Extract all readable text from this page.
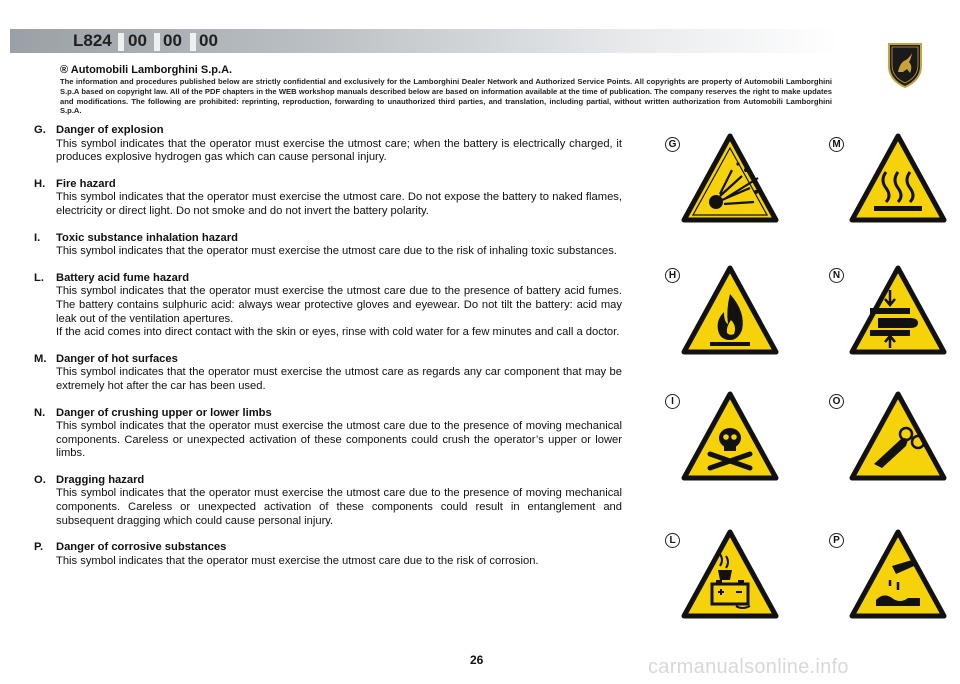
L824 00 00 00
® Automobili Lamborghini S.p.A.
The information and procedures published below are strictly confidential and exclusively for the Lamborghini Dealer Network and Authorized Service Points. All copyrights are property of Automobili Lamborghini S.p.A based on copyright law. All of the PDF chapters in the WEB workshop manuals described below are based on information available at the time of publication. The company reserves the right to make updates and modifications. The following are prohibited: reprinting, reproduction, forwarding to unauthorized third parties, and translation, including partial, without written authorization from Automobili Lamborghini S.p.A.
G. Danger of explosion

This symbol indicates that the operator must exercise the utmost care; when the battery is electrically charged, it produces explosive hydrogen gas which can cause personal injury.

H. Fire hazard

This symbol indicates that the operator must exercise the utmost care. Do not expose the battery to naked flames, electricity or direct light. Do not smoke and do not invert the battery polarity.

I.	Toxic substance inhalation hazard

This symbol indicates that the operator must exercise the utmost care due to the risk of inhaling toxic substances.

L.	Battery acid fume hazard

This symbol indicates that the operator must exercise the utmost care due to the presence of battery acid fumes. The battery contains sulphuric acid: always wear protective gloves and eyewear. Do not tilt the battery: acid may leak out of the ventilation apertures.

If the acid comes into direct contact with the skin or eyes, rinse with cold water for a few minutes and call a doctor.

M. Danger of hot surfaces

This symbol indicates that the operator must exercise the utmost care as regards any car component that may be extremely hot after the car has been used.

N. Danger of crushing upper or lower limbs

This symbol indicates that the operator must exercise the utmost care due to the presence of moving mechanical components. Careless or unexpected activation of these components could crush the operator’s upper or lower limbs.

O. Dragging hazard

This symbol indicates that the operator must exercise the utmost care due to the presence of moving mechanical components. Careless or unexpected activation of these components could result in entanglement and subsequent dragging which could cause personal injury.

P.	Danger of corrosive substances

This symbol indicates that the operator must exercise the utmost care due to the risk of corrosion.

G	M
H	N
I	O
L	P
26	carmanualsonline.info
